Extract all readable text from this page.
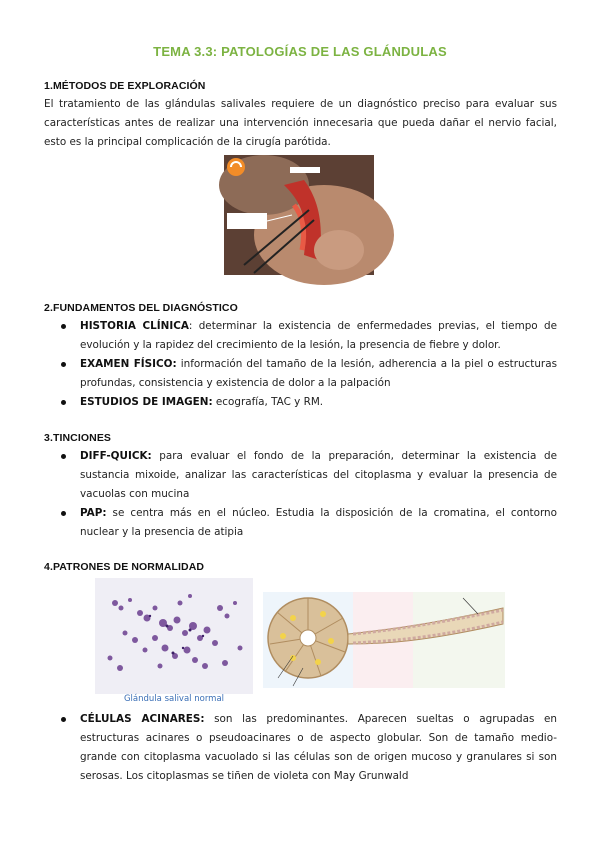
TEMA 3.3: PATOLOGÍAS DE LAS GLÁNDULAS
1.MÉTODOS DE EXPLORACIÓN
El tratamiento de las glándulas salivales requiere de un diagnóstico preciso para evaluar sus características antes de realizar una intervención innecesaria que pueda dañar el nervio facial, esto es la principal complicación de la cirugía parótida.
2.FUNDAMENTOS DEL DIAGNÓSTICO
HISTORIA CLÍNICA: determinar la existencia de enfermedades previas, el tiempo de evolución y la rapidez del crecimiento de la lesión, la presencia de fiebre y dolor.
EXAMEN FÍSICO: información del tamaño de la lesión, adherencia a la piel o estructuras profundas, consistencia y existencia de dolor a la palpación
ESTUDIOS DE IMAGEN: ecografía, TAC y RM.
3.TINCIONES
DIFF-QUICK: para evaluar el fondo de la preparación, determinar la existencia de sustancia mixoide, analizar las características del citoplasma y evaluar la presencia de vacuolas con mucina
PAP: se centra más en el núcleo. Estudia la disposición de la cromatina, el contorno nuclear y la presencia de atipia
4.PATRONES DE NORMALIDAD
Glándula salival normal
CÉLULAS ACINARES: son las predominantes. Aparecen sueltas o agrupadas en estructuras acinares o pseudoacinares o de aspecto globular. Son de tamaño medio-grande con citoplasma vacuolado si las células son de origen mucoso y granulares si son serosas. Los citoplasmas se tiñen de violeta con May Grunwald
